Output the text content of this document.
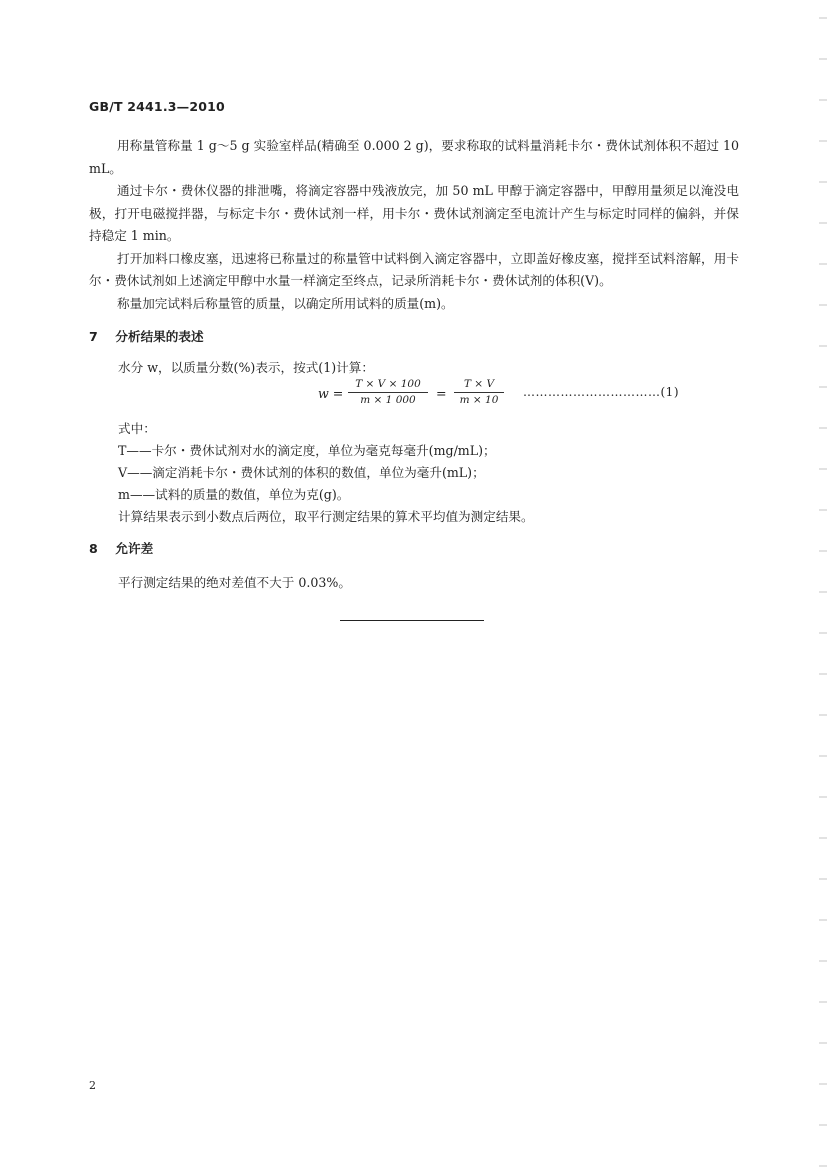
GB/T 2441.3—2010

用称量管称量 1 g～5 g 实验室样品(精确至 0.000 2 g)，要求称取的试料量消耗卡尔・费休试剂体积不超过 10 mL。

通过卡尔・费休仪器的排泄嘴，将滴定容器中残液放完，加 50 mL 甲醇于滴定容器中，甲醇用量须足以淹没电极，打开电磁搅拌器，与标定卡尔・费休试剂一样，用卡尔・费休试剂滴定至电流计产生与标定时同样的偏斜，并保持稳定 1 min。

打开加料口橡皮塞，迅速将已称量过的称量管中试料倒入滴定容器中，立即盖好橡皮塞，搅拌至试料溶解，用卡尔・费休试剂如上述滴定甲醇中水量一样滴定至终点，记录所消耗卡尔・费休试剂的体积(V)。

称量加完试料后称量管的质量，以确定所用试料的质量(m)。

7 分析结果的表述
水分 w，以质量分数(%)表示，按式(1)计算：
w =
T × V × 100
m × 1 000	=
T × V
m × 10
……………………………(1)
式中：
T——卡尔・费休试剂对水的滴定度，单位为毫克每毫升(mg/mL)；
V——滴定消耗卡尔・费休试剂的体积的数值，单位为毫升(mL)；
m——试料的质量的数值，单位为克(g)。
计算结果表示到小数点后两位，取平行测定结果的算术平均值为测定结果。
8 允许差
平行测定结果的绝对差值不大于 0.03%。
2
